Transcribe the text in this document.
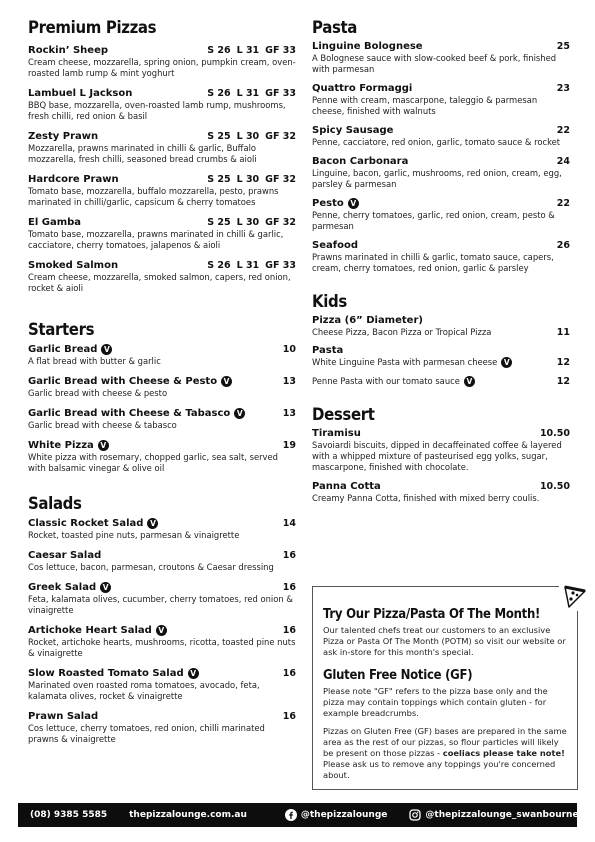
Premium Pizzas
Rockin’ Sheep	S 26 L 31 GF 33
Cream cheese, mozzarella, spring onion, pumpkin cream, oven-roasted lamb rump & mint yoghurt
Lambuel L Jackson	S 26 L 31 GF 33
BBQ base, mozzarella, oven-roasted lamb rump, mushrooms, fresh chilli, red onion & basil
Zesty Prawn	S 25 L 30 GF 32
Mozzarella, prawns marinated in chilli & garlic, Buffalo mozzarella, fresh chilli, seasoned bread crumbs & aioli
Hardcore Prawn	S 25 L 30 GF 32
Tomato base, mozzarella, buffalo mozzarella, pesto, prawns marinated in chilli/garlic, capsicum & cherry tomatoes
El Gamba	S 25 L 30 GF 32
Tomato base, mozzarella, prawns marinated in chilli & garlic, cacciatore, cherry tomatoes, jalapenos & aioli
Smoked Salmon	S 26 L 31 GF 33
Cream cheese, mozzarella, smoked salmon, capers, red onion, rocket & aioli
Starters
Garlic Bread V	10
A flat bread with butter & garlic
Garlic Bread with Cheese & Pesto V	13
Garlic bread with cheese & pesto
Garlic Bread with Cheese & Tabasco V	13
Garlic bread with cheese & tabasco
White Pizza V	19
White pizza with rosemary, chopped garlic, sea salt, served with balsamic vinegar & olive oil
Salads
Classic Rocket Salad V	14
Rocket, toasted pine nuts, parmesan & vinaigrette
Caesar Salad	16
Cos lettuce, bacon, parmesan, croutons & Caesar dressing
Greek Salad V	16
Feta, kalamata olives, cucumber, cherry tomatoes, red onion & vinaigrette
Artichoke Heart Salad V	16
Rocket, artichoke hearts, mushrooms, ricotta, toasted pine nuts & vinaigrette
Slow Roasted Tomato Salad V	16
Marinated oven roasted roma tomatoes, avocado, feta, kalamata olives, rocket & vinaigrette
Prawn Salad	16
Cos lettuce, cherry tomatoes, red onion, chilli marinated prawns & vinaigrette
Pasta
Linguine Bolognese	25
A Bolognese sauce with slow-cooked beef & pork, finished with parmesan
Quattro Formaggi	23
Penne with cream, mascarpone, taleggio & parmesan cheese, finished with walnuts
Spicy Sausage	22
Penne, cacciatore, red onion, garlic, tomato sauce & rocket
Bacon Carbonara	24
Linguine, bacon, garlic, mushrooms, red onion, cream, egg, parsley & parmesan
Pesto V	22
Penne, cherry tomatoes, garlic, red onion, cream, pesto & parmesan
Seafood	26
Prawns marinated in chilli & garlic, tomato sauce, capers, cream, cherry tomatoes, red onion, garlic & parsley
Kids
Pizza (6” Diameter)
Cheese Pizza, Bacon Pizza or Tropical Pizza	11
Pasta
White Linguine Pasta with parmesan cheese V	12
Penne Pasta with our tomato sauce V	12
Dessert
Tiramisu	10.50
Savoiardi biscuits, dipped in decaffeinated coffee & layered with a whipped mixture of pasteurised egg yolks, sugar, mascarpone, finished with chocolate.
Panna Cotta	10.50
Creamy Panna Cotta, finished with mixed berry coulis.
Try Our Pizza/Pasta Of The Month!
Our talented chefs treat our customers to an exclusive Pizza or Pasta Of The Month (POTM) so visit our website or ask in-store for this month's special.
Gluten Free Notice (GF)
Please note "GF" refers to the pizza base only and the pizza may contain toppings which contain gluten - for example breadcrumbs.
Pizzas on Gluten Free (GF) bases are prepared in the same area as the rest of our pizzas, so flour particles will likely be present on those pizzas - coeliacs please take note! Please ask us to remove any toppings you're concerned about.
(08) 9385 5585 thepizzalounge.com.au	@thepizzalounge	@thepizzalounge_swanbourne
